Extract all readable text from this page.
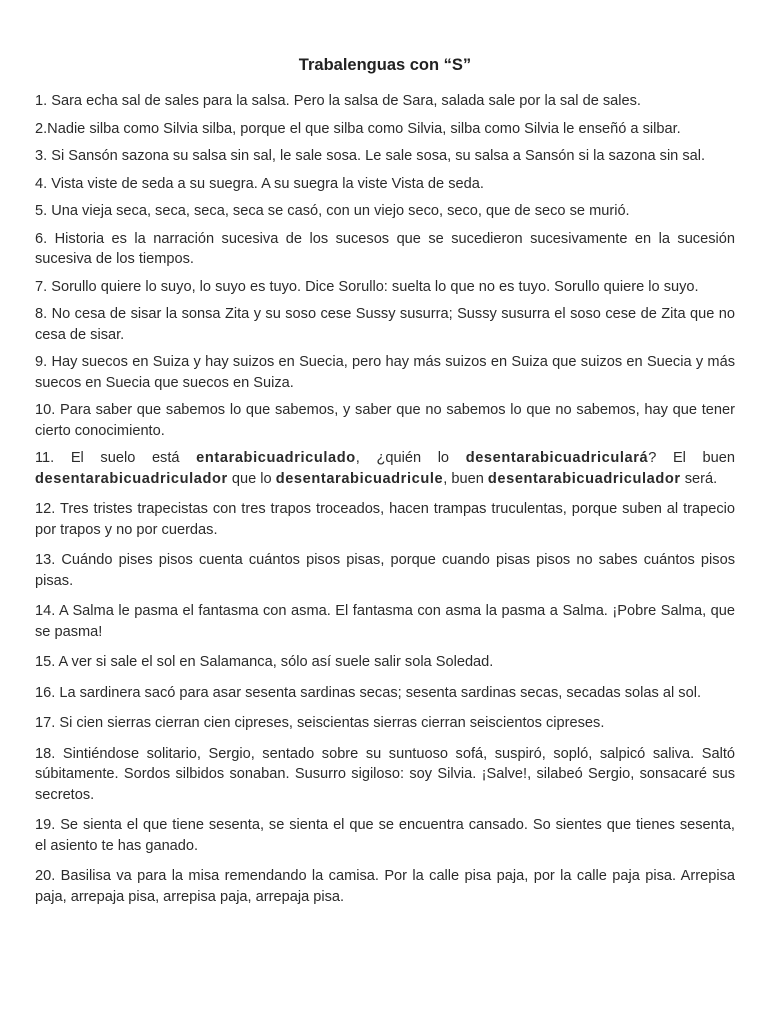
Trabalenguas con “S”

1. Sara echa sal de sales para la salsa. Pero la salsa de Sara, salada sale por la sal de sales.

2.Nadie silba como Silvia silba, porque el que silba como Silvia, silba como Silvia le enseñó a silbar.

3. Si Sansón sazona su salsa sin sal, le sale sosa. Le sale sosa, su salsa a Sansón si la sazona sin sal.

4. Vista viste de seda a su suegra. A su suegra la viste Vista de seda.

5. Una vieja seca, seca, seca, seca se casó, con un viejo seco, seco, que de seco se murió.

6. Historia es la narración sucesiva de los sucesos que se sucedieron sucesivamente en la sucesión sucesiva de los tiempos.

7. Sorullo quiere lo suyo, lo suyo es tuyo. Dice Sorullo: suelta lo que no es tuyo. Sorullo quiere lo suyo.

8. No cesa de sisar la sonsa Zita y su soso cese Sussy susurra; Sussy susurra el soso cese de Zita que no cesa de sisar.

9. Hay suecos en Suiza y hay suizos en Suecia, pero hay más suizos en Suiza que suizos en Suecia y más suecos en Suecia que suecos en Suiza.

10. Para saber que sabemos lo que sabemos, y saber que no sabemos lo que no sabemos, hay que tener cierto conocimiento.

11. El suelo está entarabicuadriculado, ¿quién lo desentarabicuadriculará? El buen desentarabicuadriculador que lo desentarabicuadricule, buen desentarabicuadriculador será.

12. Tres tristes trapecistas con tres trapos troceados, hacen trampas truculentas, porque suben al trapecio por trapos y no por cuerdas.

13. Cuándo pises pisos cuenta cuántos pisos pisas, porque cuando pisas pisos no sabes cuántos pisos pisas.

14. A Salma le pasma el fantasma con asma. El fantasma con asma la pasma a Salma. ¡Pobre Salma, que se pasma!

15. A ver si sale el sol en Salamanca, sólo así suele salir sola Soledad.

16. La sardinera sacó para asar sesenta sardinas secas; sesenta sardinas secas, secadas solas al sol.

17. Si cien sierras cierran cien cipreses, seiscientas sierras cierran seiscientos cipreses.

18. Sintiéndose solitario, Sergio, sentado sobre su suntuoso sofá, suspiró, sopló, salpicó saliva. Saltó súbitamente. Sordos silbidos sonaban. Susurro sigiloso: soy Silvia. ¡Salve!, silabeó Sergio, sonsacaré sus secretos.

19. Se sienta el que tiene sesenta, se sienta el que se encuentra cansado. So sientes que tienes sesenta, el asiento te has ganado.

20. Basilisa va para la misa remendando la camisa. Por la calle pisa paja, por la calle paja pisa. Arrepisa paja, arrepaja pisa, arrepisa paja, arrepaja pisa.
